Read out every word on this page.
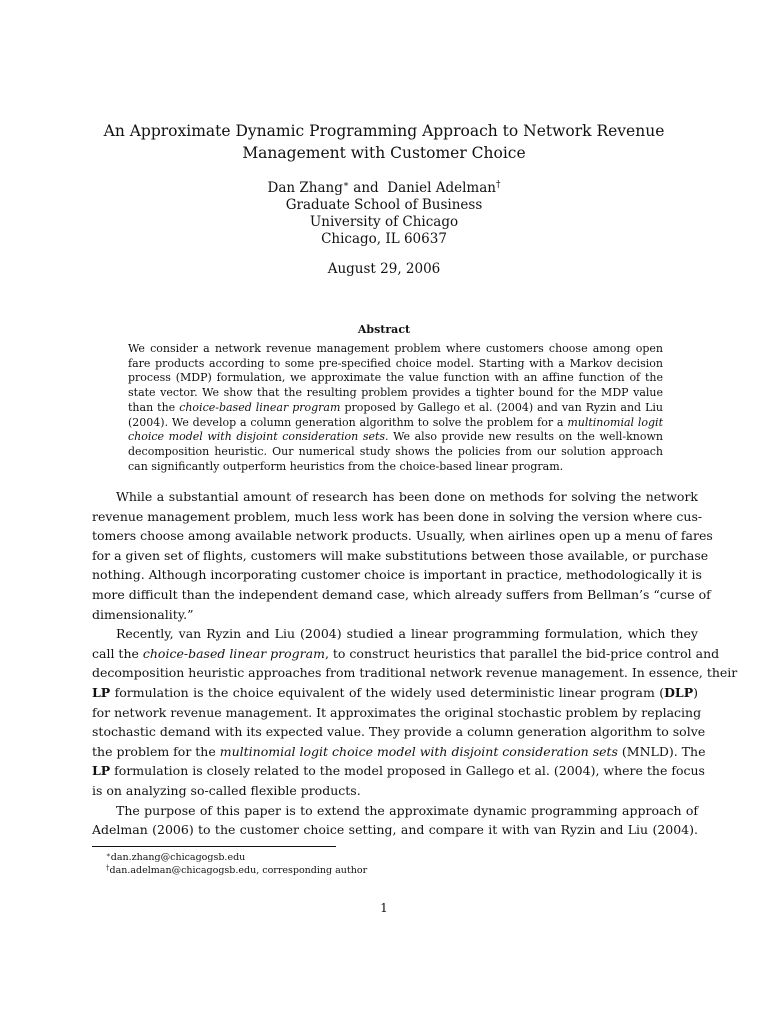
An Approximate Dynamic Programming Approach to Network Revenue
Management with Customer Choice
Dan Zhang∗ and Daniel Adelman†
Graduate School of Business
University of Chicago
Chicago, IL 60637
August 29, 2006
Abstract
We consider a network revenue management problem where customers choose among open
fare products according to some pre-specified choice model. Starting with a Markov decision
process (MDP) formulation, we approximate the value function with an affine function of the
state vector. We show that the resulting problem provides a tighter bound for the MDP value
than the choice-based linear program proposed by Gallego et al. (2004) and van Ryzin and Liu
(2004). We develop a column generation algorithm to solve the problem for a multinomial logit
choice model with disjoint consideration sets. We also provide new results on the well-known
decomposition heuristic. Our numerical study shows the policies from our solution approach
can significantly outperform heuristics from the choice-based linear program.
While a substantial amount of research has been done on methods for solving the network
revenue management problem, much less work has been done in solving the version where cus-
tomers choose among available network products. Usually, when airlines open up a menu of fares
for a given set of flights, customers will make substitutions between those available, or purchase
nothing. Although incorporating customer choice is important in practice, methodologically it is
more difficult than the independent demand case, which already suffers from Bellman’s “curse of
dimensionality.”
Recently, van Ryzin and Liu (2004) studied a linear programming formulation, which they
call the choice-based linear program, to construct heuristics that parallel the bid-price control and
decomposition heuristic approaches from traditional network revenue management. In essence, their
LP formulation is the choice equivalent of the widely used deterministic linear program (DLP)
for network revenue management. It approximates the original stochastic problem by replacing
stochastic demand with its expected value. They provide a column generation algorithm to solve
the problem for the multinomial logit choice model with disjoint consideration sets (MNLD). The
LP formulation is closely related to the model proposed in Gallego et al. (2004), where the focus
is on analyzing so-called flexible products.
The purpose of this paper is to extend the approximate dynamic programming approach of
Adelman (2006) to the customer choice setting, and compare it with van Ryzin and Liu (2004).
∗dan.zhang@chicagogsb.edu
†dan.adelman@chicagogsb.edu, corresponding author
1
